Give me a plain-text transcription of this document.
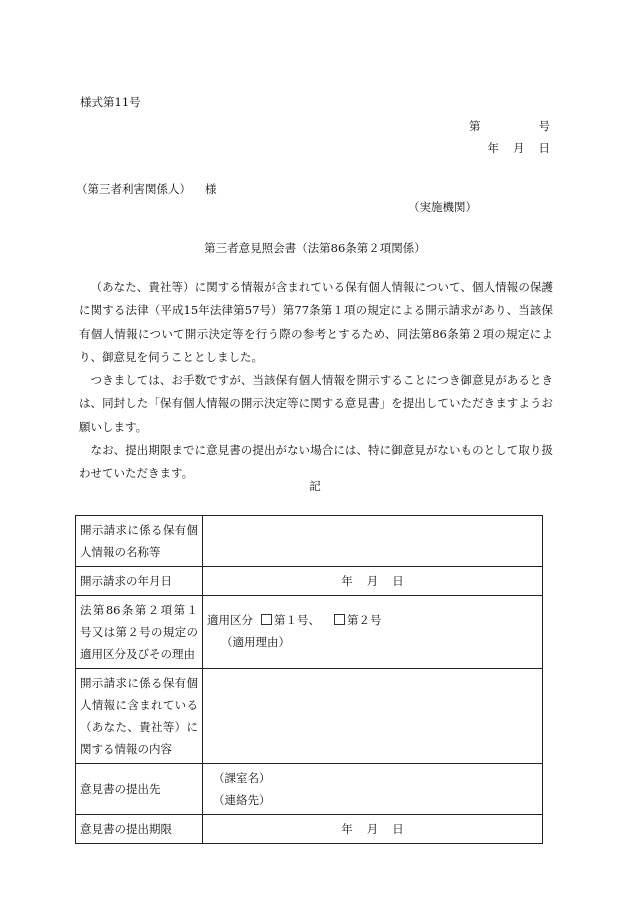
様式第11号
第	号
年 月 日
（第三者利害関係人） 様
（実施機関）
第三者意見照会書（法第86条第２項関係）

（あなた、貴社等）に関する情報が含まれている保有個人情報について、個人情報の保護に関する法律（平成15年法律第57号）第77条第１項の規定による開示請求があり、当該保有個人情報について開示決定等を行う際の参考とするため、同法第86条第２項の規定により、御意見を伺うこととしました。

つきましては、お手数ですが、当該保有個人情報を開示することにつき御意見があるときは、同封した「保有個人情報の開示決定等に関する意見書」を提出していただきますようお願いします。

なお、提出期限までに意見書の提出がない場合には、特に御意見がないものとして取り扱わせていただきます。

記
開示請求に係る保有個人情報の名称等	
開示請求の年月日	年 月 日
法第86条第２項第１号又は第２号の規定の適用区分及びその理由	適用区分 第１号、 第２号
（適用理由）

開示請求に係る保有個人情報に含まれている（あなた、貴社等）に関する情報の内容	
意見書の提出先	（課室名）
（連絡先）

意見書の提出期限	年 月 日
